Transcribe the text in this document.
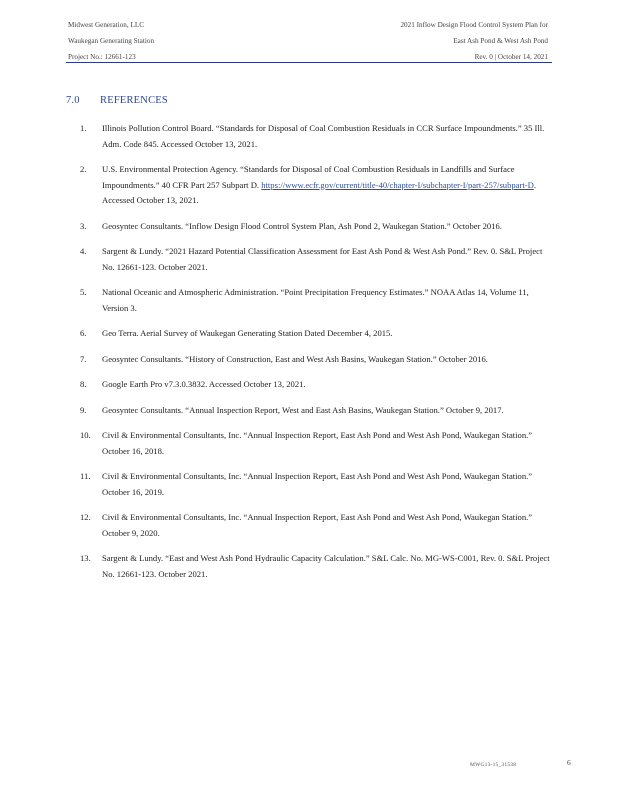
Midwest Generation, LLC
Waukegan Generating Station
Project No.: 12661-123
2021 Inflow Design Flood Control System Plan for
East Ash Pond & West Ash Pond
Rev. 0 | October 14, 2021
7.0 REFERENCES
1.	Illinois Pollution Control Board. “Standards for Disposal of Coal Combustion Residuals in CCR Surface Impoundments.” 35 Ill. Adm. Code 845. Accessed October 13, 2021.
2.	U.S. Environmental Protection Agency. “Standards for Disposal of Coal Combustion Residuals in Landfills and Surface Impoundments.” 40 CFR Part 257 Subpart D. https://www.ecfr.gov/current/title-40/chapter-I/subchapter-I/part-257/subpart-D. Accessed October 13, 2021.
3.	Geosyntec Consultants. “Inflow Design Flood Control System Plan, Ash Pond 2, Waukegan Station.” October 2016.
4.	Sargent & Lundy. “2021 Hazard Potential Classification Assessment for East Ash Pond & West Ash Pond.” Rev. 0. S&L Project No. 12661-123. October 2021.
5.	National Oceanic and Atmospheric Administration. “Point Precipitation Frequency Estimates.” NOAA Atlas 14, Volume 11, Version 3.
6.	Geo Terra. Aerial Survey of Waukegan Generating Station Dated December 4, 2015.
7.	Geosyntec Consultants. “History of Construction, East and West Ash Basins, Waukegan Station.” October 2016.
8.	Google Earth Pro v7.3.0.3832. Accessed October 13, 2021.
9.	Geosyntec Consultants. “Annual Inspection Report, West and East Ash Basins, Waukegan Station.” October 9, 2017.
10.	Civil & Environmental Consultants, Inc. “Annual Inspection Report, East Ash Pond and West Ash Pond, Waukegan Station.” October 16, 2018.
11.	Civil & Environmental Consultants, Inc. “Annual Inspection Report, East Ash Pond and West Ash Pond, Waukegan Station.” October 16, 2019.
12.	Civil & Environmental Consultants, Inc. “Annual Inspection Report, East Ash Pond and West Ash Pond, Waukegan Station.” October 9, 2020.
13.	Sargent & Lundy. “East and West Ash Pond Hydraulic Capacity Calculation.” S&L Calc. No. MG-WS-C001, Rev. 0. S&L Project No. 12661-123. October 2021.
MWG13-15_31538	6
